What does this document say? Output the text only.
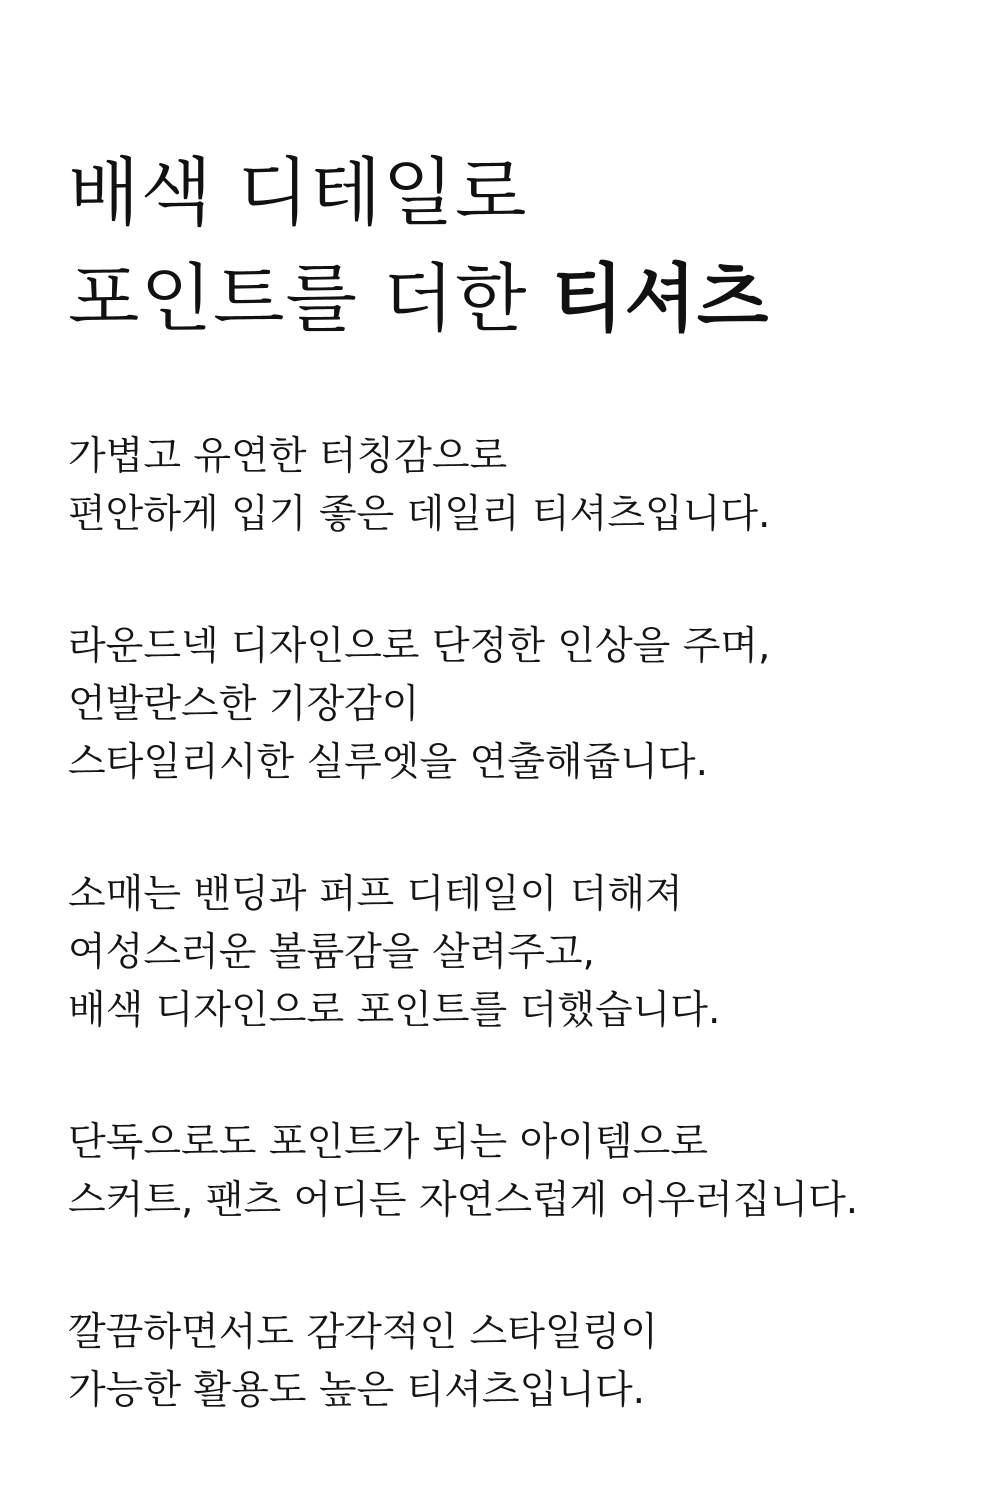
배색 디테일로
포인트를 더한 티셔츠

가볍고 유연한 터칭감으로
편안하게 입기 좋은 데일리 티셔츠입니다.

라운드넥 디자인으로 단정한 인상을 주며,
언발란스한 기장감이
스타일리시한 실루엣을 연출해줍니다.

소매는 밴딩과 퍼프 디테일이 더해져
여성스러운 볼륨감을 살려주고,
배색 디자인으로 포인트를 더했습니다.

단독으로도 포인트가 되는 아이템으로
스커트, 팬츠 어디든 자연스럽게 어우러집니다.

깔끔하면서도 감각적인 스타일링이
가능한 활용도 높은 티셔츠입니다.
